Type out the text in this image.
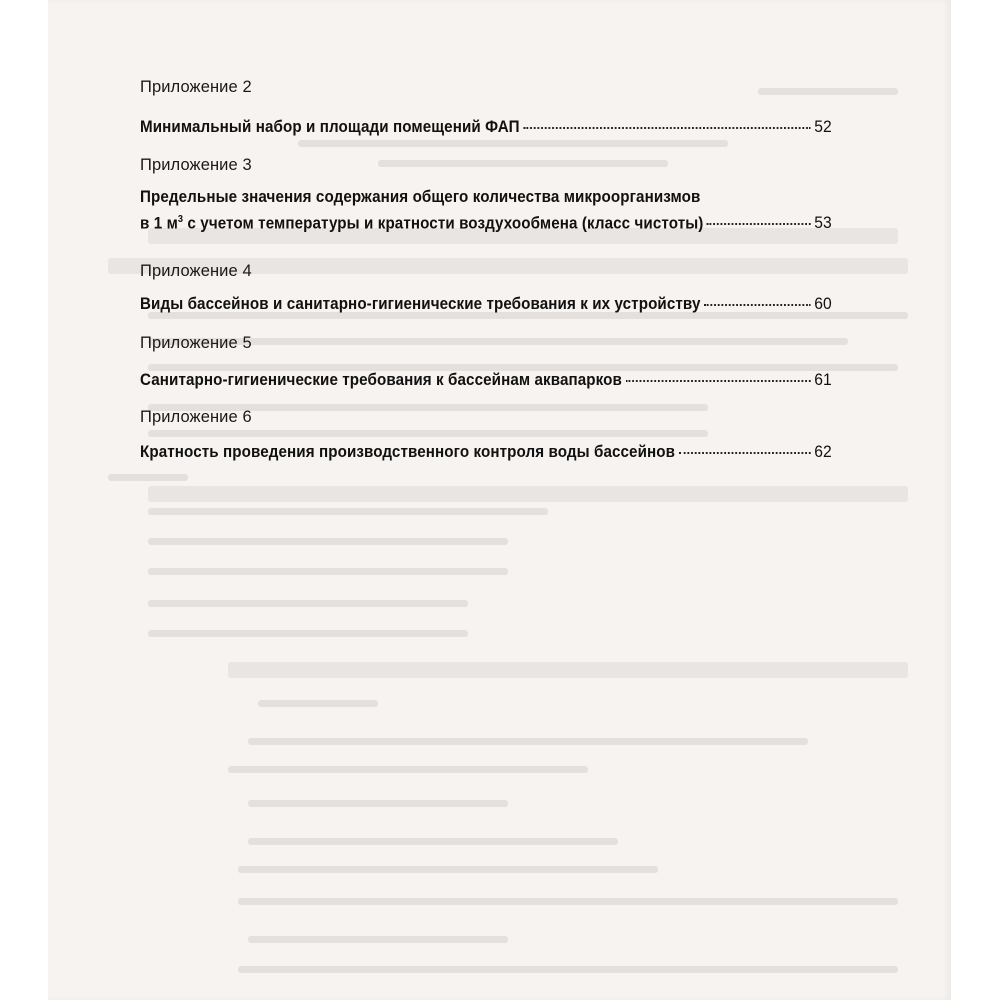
Приложение 2
Минимальный набор и площади помещений ФАП	52
Приложение 3
Предельные значения содержания общего количества микроорганизмов
в 1 $м^3$ с учетом температуры и кратности воздухообмена (класс чистоты)	53
Приложение 4
Виды бассейнов и санитарно-гигиенические требования к их устройству	60
Приложение 5
Санитарно-гигиенические требования к бассейнам аквапарков	61
Приложение 6
Кратность проведения производственного контроля воды бассейнов	62
